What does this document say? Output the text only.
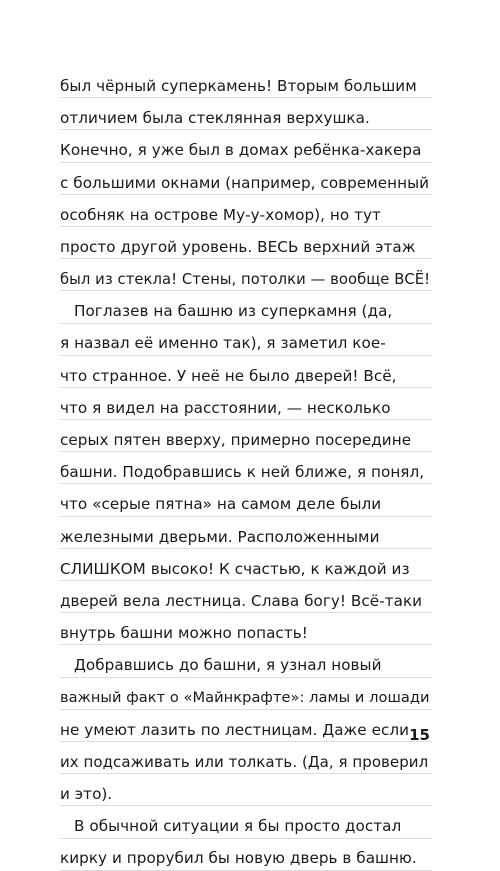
был чёрный суперкамень! Вторым большим
отличием была стеклянная верхушка.
Конечно, я уже был в домах ребёнка-хакера
с большими окнами (например, современный
особняк на острове Му-у-хомор), но тут
просто другой уровень. ВЕСЬ верхний этаж
был из стекла! Стены, потолки — вообще ВСЁ!
Поглазев на башню из суперкамня (да,
я назвал её именно так), я заметил кое-
что странное. У неё не было дверей! Всё,
что я видел на расстоянии, — несколько
серых пятен вверху, примерно посередине
башни. Подобравшись к ней ближе, я понял,
что «серые пятна» на самом деле были
железными дверьми. Расположенными
СЛИШКОМ высоко! К счастью, к каждой из
дверей вела лестница. Слава богу! Всё-таки
внутрь башни можно попасть!
Добравшись до башни, я узнал новый
важный факт о «Майнкрафте»: ламы и лошади
не умеют лазить по лестницам. Даже если
их подсаживать или толкать. (Да, я проверил
и это).
В обычной ситуации я бы просто достал
кирку и прорубил бы новую дверь в башню.
15
